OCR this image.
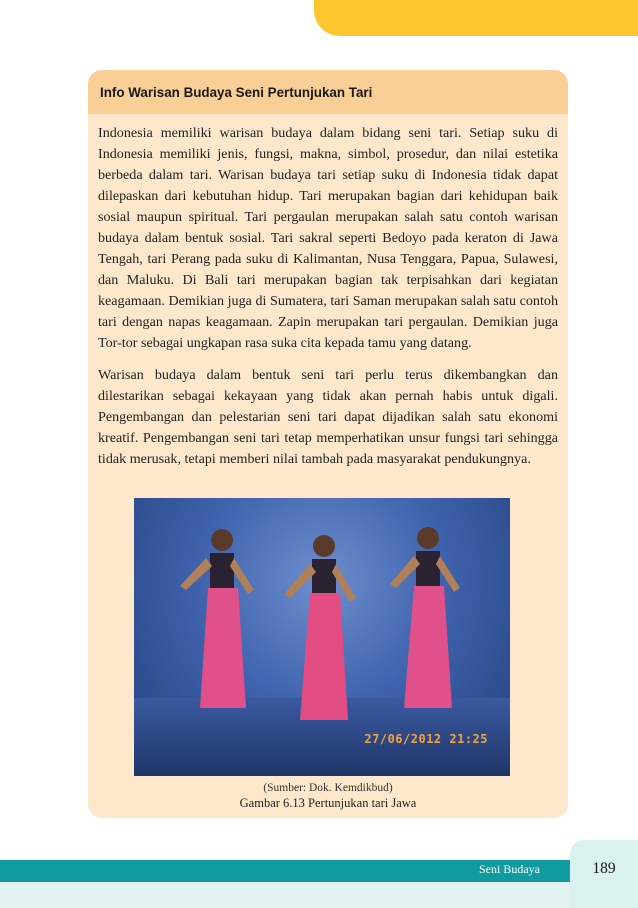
Info Warisan Budaya Seni Pertunjukan Tari

Indonesia memiliki warisan budaya dalam bidang seni tari. Setiap suku di Indonesia memiliki jenis, fungsi, makna, simbol, prosedur, dan nilai estetika berbeda dalam tari. Warisan budaya tari setiap suku di Indonesia tidak dapat dilepaskan dari kebutuhan hidup. Tari merupakan bagian dari kehidupan baik sosial maupun spiritual. Tari pergaulan merupakan salah satu contoh warisan budaya dalam bentuk sosial. Tari sakral seperti Bedoyo pada keraton di Jawa Tengah, tari Perang pada suku di Kalimantan, Nusa Tenggara, Papua, Sulawesi, dan Maluku. Di Bali tari merupakan bagian tak terpisahkan dari kegiatan keagamaan. Demikian juga di Sumatera, tari Saman merupakan salah satu contoh tari dengan napas keagamaan. Zapin merupakan tari pergaulan. Demikian juga Tor-tor sebagai ungkapan rasa suka cita kepada tamu yang datang.

Warisan budaya dalam bentuk seni tari perlu terus dikembangkan dan dilestarikan sebagai kekayaan yang tidak akan pernah habis untuk digali. Pengembangan dan pelestarian seni tari dapat dijadikan salah satu ekonomi kreatif. Pengembangan seni tari tetap memperhatikan unsur fungsi tari sehingga tidak merusak, tetapi memberi nilai tambah pada masyarakat pendukungnya.

27/06/2012 21:25

(Sumber: Dok. Kemdikbud)

Gambar 6.13 Pertunjukan tari Jawa

Seni Budaya	189
